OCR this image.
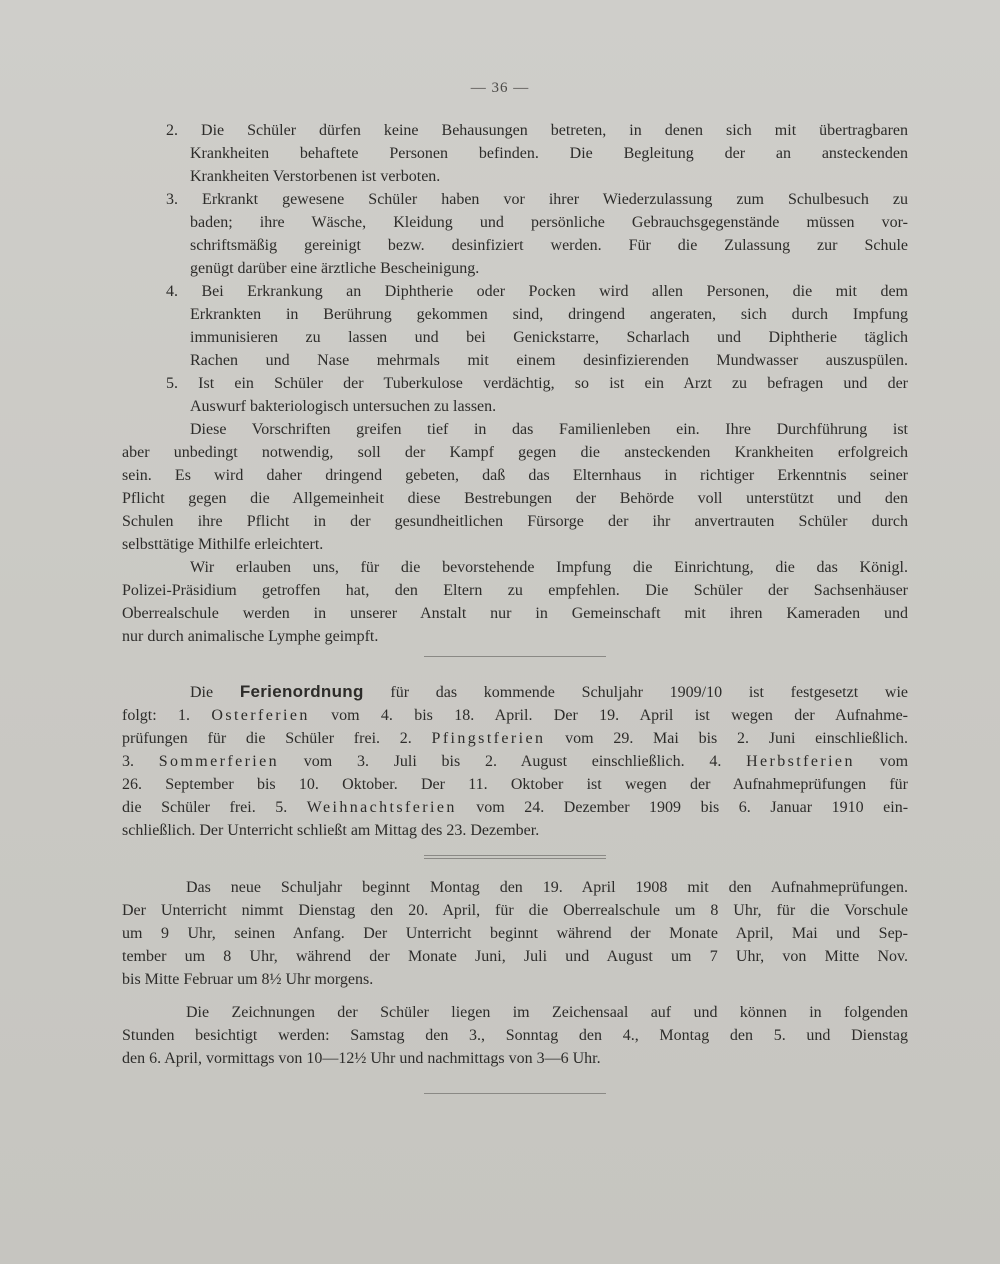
— 36 —
2. Die Schüler dürfen keine Behausungen betreten, in denen sich mit übertragbaren
Krankheiten behaftete Personen befinden. Die Begleitung der an ansteckenden
Krankheiten Verstorbenen ist verboten.
3. Erkrankt gewesene Schüler haben vor ihrer Wiederzulassung zum Schulbesuch zu
baden; ihre Wäsche, Kleidung und persönliche Gebrauchsgegenstände müssen vor-
schriftsmäßig gereinigt bezw. desinfiziert werden. Für die Zulassung zur Schule
genügt darüber eine ärztliche Bescheinigung.
4. Bei Erkrankung an Diphtherie oder Pocken wird allen Personen, die mit dem
Erkrankten in Berührung gekommen sind, dringend angeraten, sich durch Impfung
immunisieren zu lassen und bei Genickstarre, Scharlach und Diphtherie täglich
Rachen und Nase mehrmals mit einem desinfizierenden Mundwasser auszuspülen.
5. Ist ein Schüler der Tuberkulose verdächtig, so ist ein Arzt zu befragen und der
Auswurf bakteriologisch untersuchen zu lassen.
Diese Vorschriften greifen tief in das Familienleben ein. Ihre Durchführung ist
aber unbedingt notwendig, soll der Kampf gegen die ansteckenden Krankheiten erfolgreich
sein. Es wird daher dringend gebeten, daß das Elternhaus in richtiger Erkenntnis seiner
Pflicht gegen die Allgemeinheit diese Bestrebungen der Behörde voll unterstützt und den
Schulen ihre Pflicht in der gesundheitlichen Fürsorge der ihr anvertrauten Schüler durch
selbsttätige Mithilfe erleichtert.
Wir erlauben uns, für die bevorstehende Impfung die Einrichtung, die das Königl.
Polizei-Präsidium getroffen hat, den Eltern zu empfehlen. Die Schüler der Sachsenhäuser
Oberrealschule werden in unserer Anstalt nur in Gemeinschaft mit ihren Kameraden und
nur durch animalische Lymphe geimpft.
Die Ferienordnung für das kommende Schuljahr 1909/10 ist festgesetzt wie
folgt: 1. Osterferien vom 4. bis 18. April. Der 19. April ist wegen der Aufnahme-
prüfungen für die Schüler frei. 2. Pfingstferien vom 29. Mai bis 2. Juni einschließlich.
3. Sommerferien vom 3. Juli bis 2. August einschließlich. 4. Herbstferien vom
26. September bis 10. Oktober. Der 11. Oktober ist wegen der Aufnahmeprüfungen für
die Schüler frei. 5. Weihnachtsferien vom 24. Dezember 1909 bis 6. Januar 1910 ein-
schließlich. Der Unterricht schließt am Mittag des 23. Dezember.
Das neue Schuljahr beginnt Montag den 19. April 1908 mit den Aufnahmeprüfungen.
Der Unterricht nimmt Dienstag den 20. April, für die Oberrealschule um 8 Uhr, für die Vorschule
um 9 Uhr, seinen Anfang. Der Unterricht beginnt während der Monate April, Mai und Sep-
tember um 8 Uhr, während der Monate Juni, Juli und August um 7 Uhr, von Mitte Nov.
bis Mitte Februar um 8½ Uhr morgens.
Die Zeichnungen der Schüler liegen im Zeichensaal auf und können in folgenden
Stunden besichtigt werden: Samstag den 3., Sonntag den 4., Montag den 5. und Dienstag
den 6. April, vormittags von 10—12½ Uhr und nachmittags von 3—6 Uhr.
